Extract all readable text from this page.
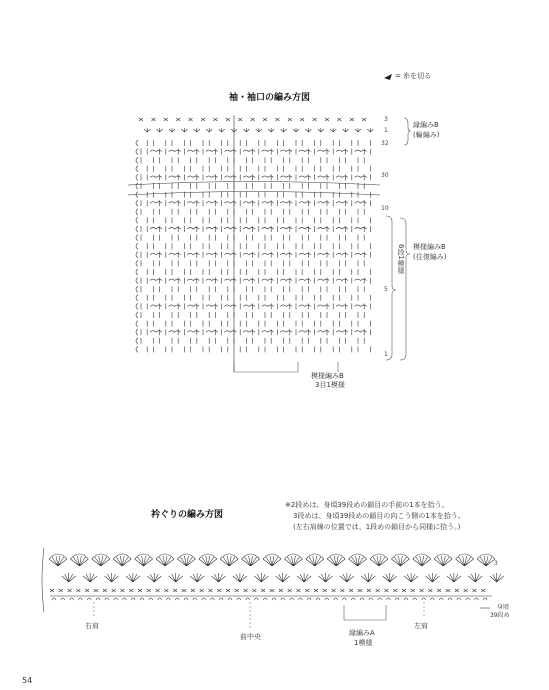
= 糸を切る
袖・袖口の編み方図
3
1
32
30
10
5
1
縁編みB
(輪編み)
6段1模様 模様編みB
(往復編み)
模様編みB
3目1模様
衿ぐりの編み方図
※2段めは、身頃39段めの鎖目の手前の1本を拾う。
3段めは、身頃39段めの鎖目の向こう側の1本を拾う。
(左右肩線の位置では、1段めの鎖目から同様に拾う。)
3
右肩
前中央
左肩
縁編みA
1模様
身頃
39段め
54
